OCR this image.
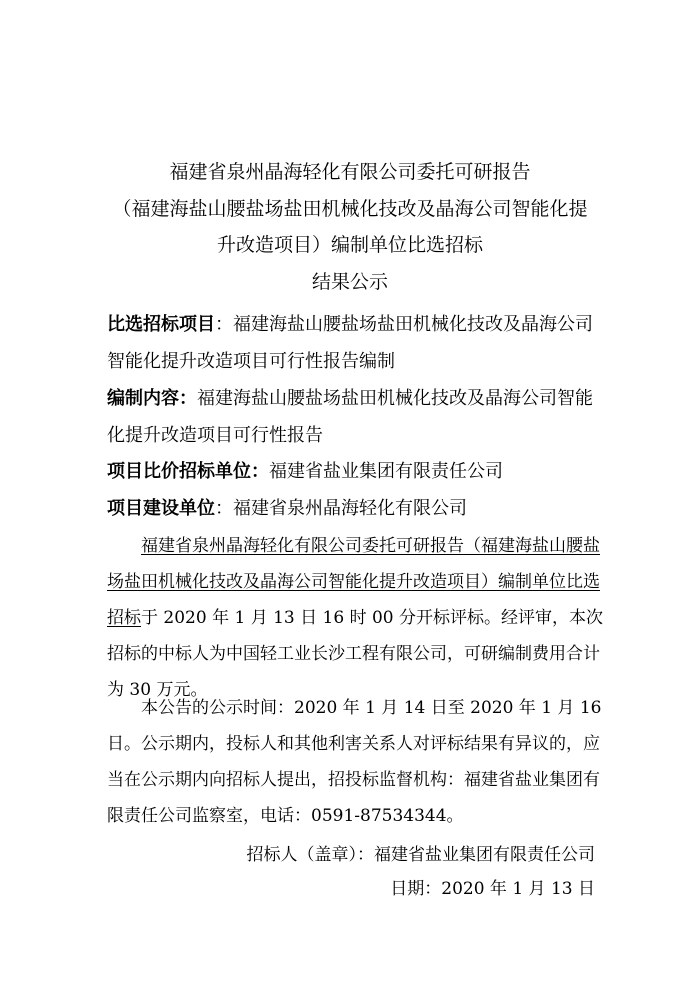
福建省泉州晶海轻化有限公司委托可研报告
（福建海盐山腰盐场盐田机械化技改及晶海公司智能化提
升改造项目）编制单位比选招标
结果公示
比选招标项目：福建海盐山腰盐场盐田机械化技改及晶海公司智能化提升改造项目可行性报告编制
编制内容：福建海盐山腰盐场盐田机械化技改及晶海公司智能化提升改造项目可行性报告
项目比价招标单位：福建省盐业集团有限责任公司
项目建设单位：福建省泉州晶海轻化有限公司
福建省泉州晶海轻化有限公司委托可研报告（福建海盐山腰盐场盐田机械化技改及晶海公司智能化提升改造项目）编制单位比选招标于 2020 年 1 月 13 日 16 时 00 分开标评标。经评审，本次招标的中标人为中国轻工业长沙工程有限公司，可研编制费用合计为 30 万元。
本公告的公示时间：2020 年 1 月 14 日至 2020 年 1 月 16 日。公示期内，投标人和其他利害关系人对评标结果有异议的，应当在公示期内向招标人提出，招投标监督机构：福建省盐业集团有限责任公司监察室，电话：0591-87534344。
招标人（盖章）：福建省盐业集团有限责任公司
日期：2020 年 1 月 13 日
